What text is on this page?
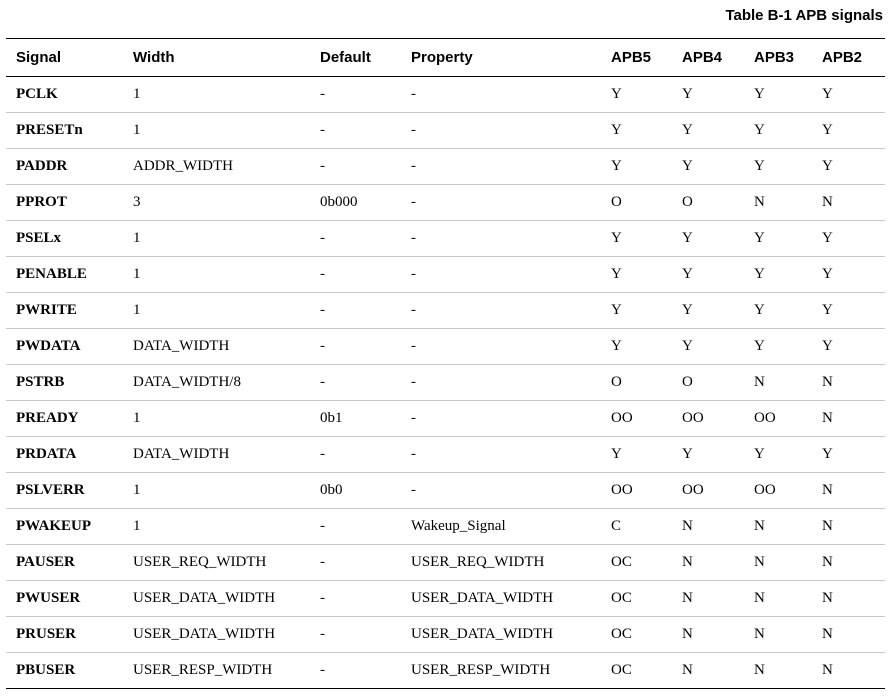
Table B-1 APB signals
Signal	Width	Default	Property	APB5	APB4	APB3	APB2
PCLK	1	-	-	Y	Y	Y	Y
PRESETn	1	-	-	Y	Y	Y	Y
PADDR	ADDR_WIDTH	-	-	Y	Y	Y	Y
PPROT	3	0b000	-	O	O	N	N
PSELx	1	-	-	Y	Y	Y	Y
PENABLE	1	-	-	Y	Y	Y	Y
PWRITE	1	-	-	Y	Y	Y	Y
PWDATA	DATA_WIDTH	-	-	Y	Y	Y	Y
PSTRB	DATA_WIDTH/8	-	-	O	O	N	N
PREADY	1	0b1	-	OO	OO	OO	N
PRDATA	DATA_WIDTH	-	-	Y	Y	Y	Y
PSLVERR	1	0b0	-	OO	OO	OO	N
PWAKEUP	1	-	Wakeup_Signal	C	N	N	N
PAUSER	USER_REQ_WIDTH	-	USER_REQ_WIDTH	OC	N	N	N
PWUSER	USER_DATA_WIDTH	-	USER_DATA_WIDTH	OC	N	N	N
PRUSER	USER_DATA_WIDTH	-	USER_DATA_WIDTH	OC	N	N	N
PBUSER	USER_RESP_WIDTH	-	USER_RESP_WIDTH	OC	N	N	N
